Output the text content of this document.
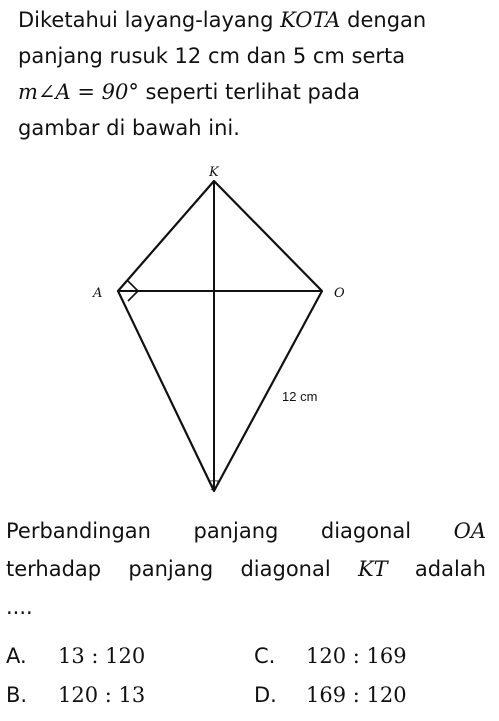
Diketahui layang-layang KOTA dengan
panjang rusuk 12 cm dan 5 cm serta
m∠A = 90° seperti terlihat pada
gambar di bawah ini.
K
A	O
T
12 cm
Perbandingan panjang diagonal OA
terhadap panjang diagonal KT adalah
....
A. 13 : 120
B. 120 : 13
C. 120 : 169
D. 169 : 120
